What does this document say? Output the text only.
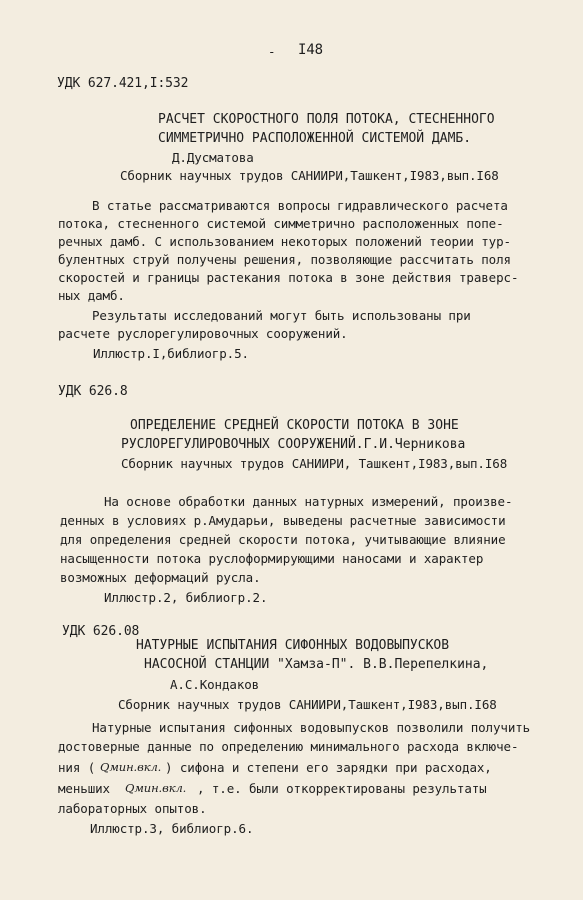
- I48
УДК 627.421,I:532
РАСЧЕТ СКОРОСТНОГО ПОЛЯ ПОТОКА, СТЕСНЕННОГО
СИММЕТРИЧНО РАСПОЛОЖЕННОЙ СИСТЕМОЙ ДАМБ.
Д.Дусматова
Сборник научных трудов САНИИРИ,Ташкент,I983,вып.I68
В статье рассматриваются вопросы гидравлического расчета
потока, стесненного системой симметрично расположенных попе-
речных дамб. С использованием некоторых положений теории тур-
булентных струй получены решения, позволяющие рассчитать поля
скоростей и границы растекания потока в зоне действия траверс-
ных дамб.
Результаты исследований могут быть использованы при
расчете руслорегулировочных сооружений.
Иллюстр.I,библиогр.5.
УДК 626.8
ОПРЕДЕЛЕНИЕ СРЕДНЕЙ СКОРОСТИ ПОТОКА В ЗОНЕ
РУСЛОРЕГУЛИРОВОЧНЫХ СООРУЖЕНИЙ.Г.И.Черникова
Сборник научных трудов САНИИРИ, Ташкент,I983,вып.I68
На основе обработки данных натурных измерений, произве-
денных в условиях р.Амударьи, выведены расчетные зависимости
для определения средней скорости потока, учитывающие влияние
насыщенности потока руслоформирующими наносами и характер
возможных деформаций русла.
Иллюстр.2, библиогр.2.
УДК 626.08
НАТУРНЫЕ ИСПЫТАНИЯ СИФОННЫХ ВОДОВЫПУСКОВ
НАСОСНОЙ СТАНЦИИ "Хамза-П". В.В.Перепелкина,
А.С.Кондаков
Сборник научных трудов САНИИРИ,Ташкент,I983,вып.I68
Натурные испытания сифонных водовыпусков позволили получить
достоверные данные по определению минимального расхода включе-
ния ( Qмин.вкл. ) сифона и степени его зарядки при расходах,
меньших Qмин.вкл. , т.е. были откорректированы результаты
лабораторных опытов.
Иллюстр.3, библиогр.6.
